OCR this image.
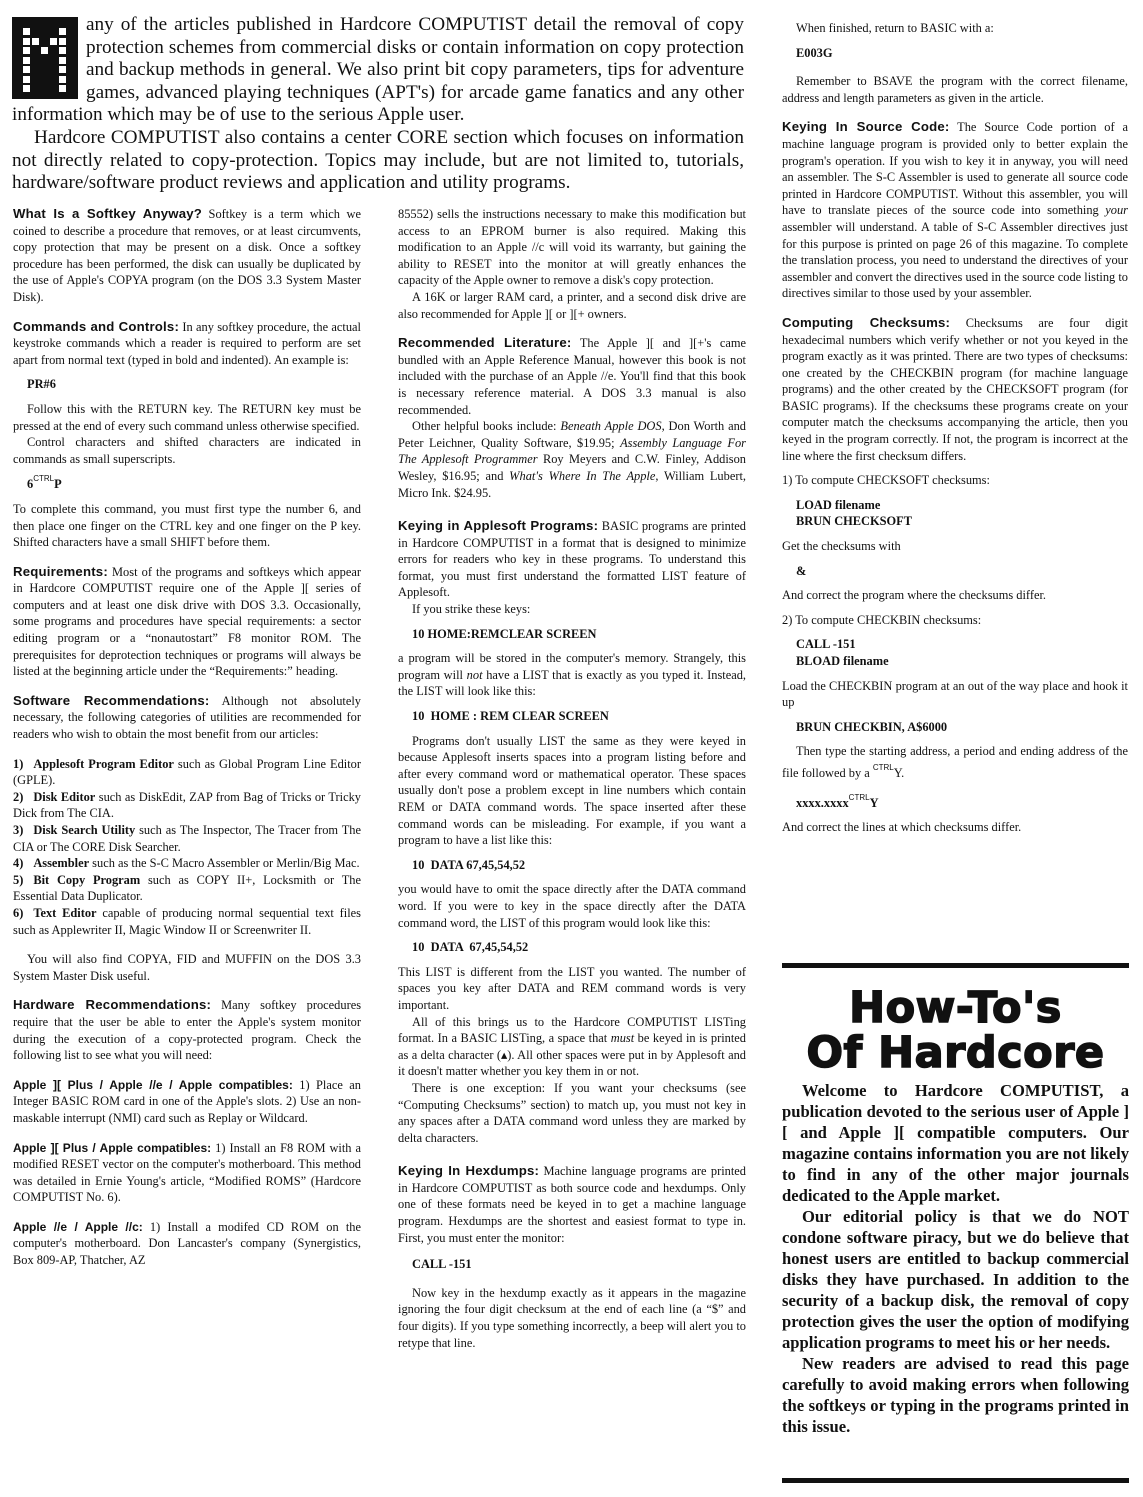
any of the articles published in Hardcore COMPUTIST detail the removal of copy protection schemes from commercial disks or contain information on copy protection and backup methods in general. We also print bit copy parameters, tips for adventure games, advanced playing techniques (APT's) for arcade game fanatics and any other information which may be of use to the serious Apple user.

Hardcore COMPUTIST also contains a center CORE section which focuses on information not directly related to copy-protection. Topics may include, but are not limited to, tutorials, hardware/software product reviews and application and utility programs.

What Is a Softkey Anyway? Softkey is a term which we coined to describe a procedure that removes, or at least circumvents, copy protection that may be present on a disk. Once a softkey procedure has been performed, the disk can usually be duplicated by the use of Apple's COPYA program (on the DOS 3.3 System Master Disk).

Commands and Controls: In any softkey procedure, the actual keystroke commands which a reader is required to perform are set apart from normal text (typed in bold and indented). An example is:

PR#6

Follow this with the RETURN key. The RETURN key must be pressed at the end of every such command unless otherwise specified.

Control characters and shifted characters are indicated in commands as small superscripts.

$6^{CTRL}P$

To complete this command, you must first type the number 6, and then place one finger on the CTRL key and one finger on the P key. Shifted characters have a small SHIFT before them.

Requirements: Most of the programs and softkeys which appear in Hardcore COMPUTIST require one of the Apple ][ series of computers and at least one disk drive with DOS 3.3. Occasionally, some programs and procedures have special requirements: a sector editing program or a “nonautostart” F8 monitor ROM. The prerequisites for deprotection techniques or programs will always be listed at the beginning article under the “Requirements:” heading.

Software Recommendations: Although not absolutely necessary, the following categories of utilities are recommended for readers who wish to obtain the most benefit from our articles:

1) Applesoft Program Editor such as Global Program Line Editor (GPLE).

2) Disk Editor such as DiskEdit, ZAP from Bag of Tricks or Tricky Dick from The CIA.

3) Disk Search Utility such as The Inspector, The Tracer from The CIA or The CORE Disk Searcher.

4) Assembler such as the S-C Macro Assembler or Merlin/Big Mac.

5) Bit Copy Program such as COPY II+, Locksmith or The Essential Data Duplicator.

6) Text Editor capable of producing normal sequential text files such as Applewriter II, Magic Window II or Screenwriter II.

You will also find COPYA, FID and MUFFIN on the DOS 3.3 System Master Disk useful.

Hardware Recommendations: Many softkey procedures require that the user be able to enter the Apple's system monitor during the execution of a copy-protected program. Check the following list to see what you will need:

Apple ][ Plus / Apple //e / Apple compatibles: 1) Place an Integer BASIC ROM card in one of the Apple's slots. 2) Use an non-maskable interrupt (NMI) card such as Replay or Wildcard.

Apple ][ Plus / Apple compatibles: 1) Install an F8 ROM with a modified RESET vector on the computer's motherboard. This method was detailed in Ernie Young's article, “Modified ROMS” (Hardcore COMPUTIST No. 6).

Apple //e / Apple //c: 1) Install a modifed CD ROM on the computer's motherboard. Don Lancaster's company (Synergistics, Box 809-AP, Thatcher, AZ

85552) sells the instructions necessary to make this modification but access to an EPROM burner is also required. Making this modification to an Apple //c will void its warranty, but gaining the ability to RESET into the monitor at will greatly enhances the capacity of the Apple owner to remove a disk's copy protection.

A 16K or larger RAM card, a printer, and a second disk drive are also recommended for Apple ][ or ][+ owners.

Recommended Literature: The Apple ][ and ][+'s came bundled with an Apple Reference Manual, however this book is not included with the purchase of an Apple //e. You'll find that this book is necessary reference material. A DOS 3.3 manual is also recommended.

Other helpful books include: Beneath Apple DOS, Don Worth and Peter Leichner, Quality Software, $19.95; Assembly Language For The Applesoft Programmer Roy Meyers and C.W. Finley, Addison Wesley, $16.95; and What's Where In The Apple, William Lubert, Micro Ink. $24.95.

Keying in Applesoft Programs: BASIC programs are printed in Hardcore COMPUTIST in a format that is designed to minimize errors for readers who key in these programs. To understand this format, you must first understand the formatted LIST feature of Applesoft.

If you strike these keys:

10 HOME:REMCLEAR SCREEN

a program will be stored in the computer's memory. Strangely, this program will not have a LIST that is exactly as you typed it. Instead, the LIST will look like this:

10  HOME : REM CLEAR SCREEN

Programs don't usually LIST the same as they were keyed in because Applesoft inserts spaces into a program listing before and after every command word or mathematical operator. These spaces usually don't pose a problem except in line numbers which contain REM or DATA command words. The space inserted after these command words can be misleading. For example, if you want a program to have a list like this:

10  DATA 67,45,54,52

you would have to omit the space directly after the DATA command word. If you were to key in the space directly after the DATA command word, the LIST of this program would look like this:

10  DATA  67,45,54,52

This LIST is different from the LIST you wanted. The number of spaces you key after DATA and REM command words is very important.

All of this brings us to the Hardcore COMPUTIST LISTing format. In a BASIC LISTing, a space that must be keyed in is printed as a delta character (▴). All other spaces were put in by Applesoft and it doesn't matter whether you key them in or not.

There is one exception: If you want your checksums (see “Computing Checksums” section) to match up, you must not key in any spaces after a DATA command word unless they are marked by delta characters.

Keying In Hexdumps: Machine language programs are printed in Hardcore COMPUTIST as both source code and hexdumps. Only one of these formats need be keyed in to get a machine language program. Hexdumps are the shortest and easiest format to type in. First, you must enter the monitor:

CALL -151

Now key in the hexdump exactly as it appears in the magazine ignoring the four digit checksum at the end of each line (a “$” and four digits). If you type something incorrectly, a beep will alert you to retype that line.

When finished, return to BASIC with a:

E003G

Remember to BSAVE the program with the correct filename, address and length parameters as given in the article.

Keying In Source Code: The Source Code portion of a machine language program is provided only to better explain the program's operation. If you wish to key it in anyway, you will need an assembler. The S-C Assembler is used to generate all source code printed in Hardcore COMPUTIST. Without this assembler, you will have to translate pieces of the source code into something your assembler will understand. A table of S-C Assembler directives just for this purpose is printed on page 26 of this magazine. To complete the translation process, you need to understand the directives of your assembler and convert the directives used in the source code listing to directives similar to those used by your assembler.

Computing Checksums: Checksums are four digit hexadecimal numbers which verify whether or not you keyed in the program exactly as it was printed. There are two types of checksums: one created by the CHECKBIN program (for machine language programs) and the other created by the CHECKSOFT program (for BASIC programs). If the checksums these programs create on your computer match the checksums accompanying the article, then you keyed in the program correctly. If not, the program is incorrect at the line where the first checksum differs.

1) To compute CHECKSOFT checksums:

LOAD filename

BRUN CHECKSOFT

Get the checksums with

&

And correct the program where the checksums differ.

2) To compute CHECKBIN checksums:

CALL -151

BLOAD filename

Load the CHECKBIN program at an out of the way place and hook it up

BRUN CHECKBIN, A$6000

Then type the starting address, a period and ending address of the file followed by a $^{CTRL}$Y.

xxxx.xxxx$^{CTRL}$Y

And correct the lines at which checksums differ.

How-To's
Of Hardcore

Welcome to Hardcore COMPUTIST, a publication devoted to the serious user of Apple ][ and Apple ][ compatible computers. Our magazine contains information you are not likely to find in any of the other major journals dedicated to the Apple market.

Our editorial policy is that we do NOT condone software piracy, but we do believe that honest users are entitled to backup commercial disks they have purchased. In addition to the security of a backup disk, the removal of copy protection gives the user the option of modifying application programs to meet his or her needs.

New readers are advised to read this page carefully to avoid making errors when following the softkeys or typing in the programs printed in this issue.
